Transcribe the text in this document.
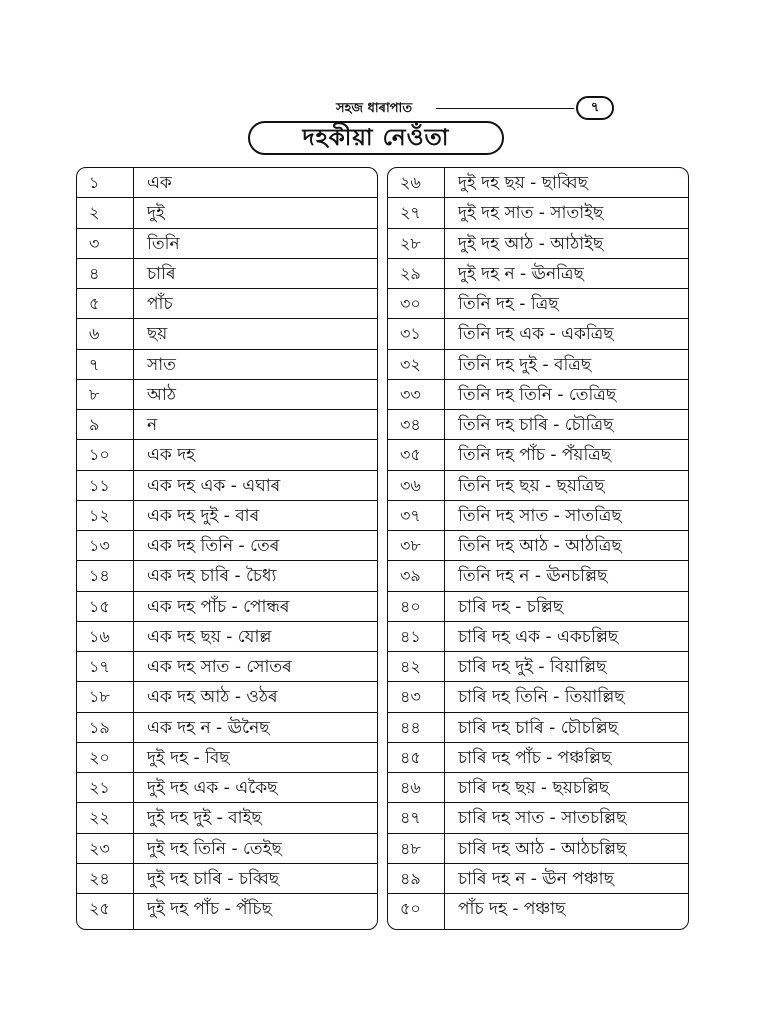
সহজ ধাৰাপাত	৭
দহকীয়া নেওঁতা
১	এক
২	দুই
৩	তিনি
৪	চাৰি
৫	পাঁচ
৬	ছয়
৭	সাত
৮	আঠ
৯	ন
১০ এক দহ
১১ এক দহ এক - এঘাৰ
১২ এক দহ দুই - বাৰ
১৩ এক দহ তিনি - তেৰ
১৪ এক দহ চাৰি - চৈধ্য
১৫ এক দহ পাঁচ - পোন্ধৰ
১৬ এক দহ ছয় - যোল্ল
১৭ এক দহ সাত - সোতৰ
১৮ এক দহ আঠ - ওঠৰ
১৯ এক দহ ন - ঊনৈছ
২০ দুই দহ - বিছ
২১ দুই দহ এক - একৈছ
২২ দুই দহ দুই - বাইছ
২৩ দুই দহ তিনি - তেইছ
২৪ দুই দহ চাৰি - চব্বিছ
২৫ দুই দহ পাঁচ - পঁচিছ
২৬ দুই দহ ছয় - ছাব্বিছ
২৭ দুই দহ সাত - সাতাইছ
২৮ দুই দহ আঠ - আঠাইছ
২৯ দুই দহ ন - ঊনত্ৰিছ
৩০ তিনি দহ - ত্ৰিছ
৩১ তিনি দহ এক - একত্ৰিছ
৩২ তিনি দহ দুই - বত্ৰিছ
৩৩ তিনি দহ তিনি - তেত্ৰিছ
৩৪ তিনি দহ চাৰি - চৌত্ৰিছ
৩৫ তিনি দহ পাঁচ - পঁয়ত্ৰিছ
৩৬ তিনি দহ ছয় - ছয়ত্ৰিছ
৩৭ তিনি দহ সাত - সাতত্ৰিছ
৩৮ তিনি দহ আঠ - আঠত্ৰিছ
৩৯ তিনি দহ ন - ঊনচল্লিছ
৪০ চাৰি দহ - চল্লিছ
৪১ চাৰি দহ এক - একচল্লিছ
৪২ চাৰি দহ দুই - বিয়াল্লিছ
৪৩ চাৰি দহ তিনি - তিয়াল্লিছ
৪৪ চাৰি দহ চাৰি - চৌচল্লিছ
৪৫ চাৰি দহ পাঁচ - পঞ্চল্লিছ
৪৬ চাৰি দহ ছয় - ছয়চল্লিছ
৪৭ চাৰি দহ সাত - সাতচল্লিছ
৪৮ চাৰি দহ আঠ - আঠচল্লিছ
৪৯ চাৰি দহ ন - ঊন পঞ্চাছ
৫০ পাঁচ দহ - পঞ্চাছ
